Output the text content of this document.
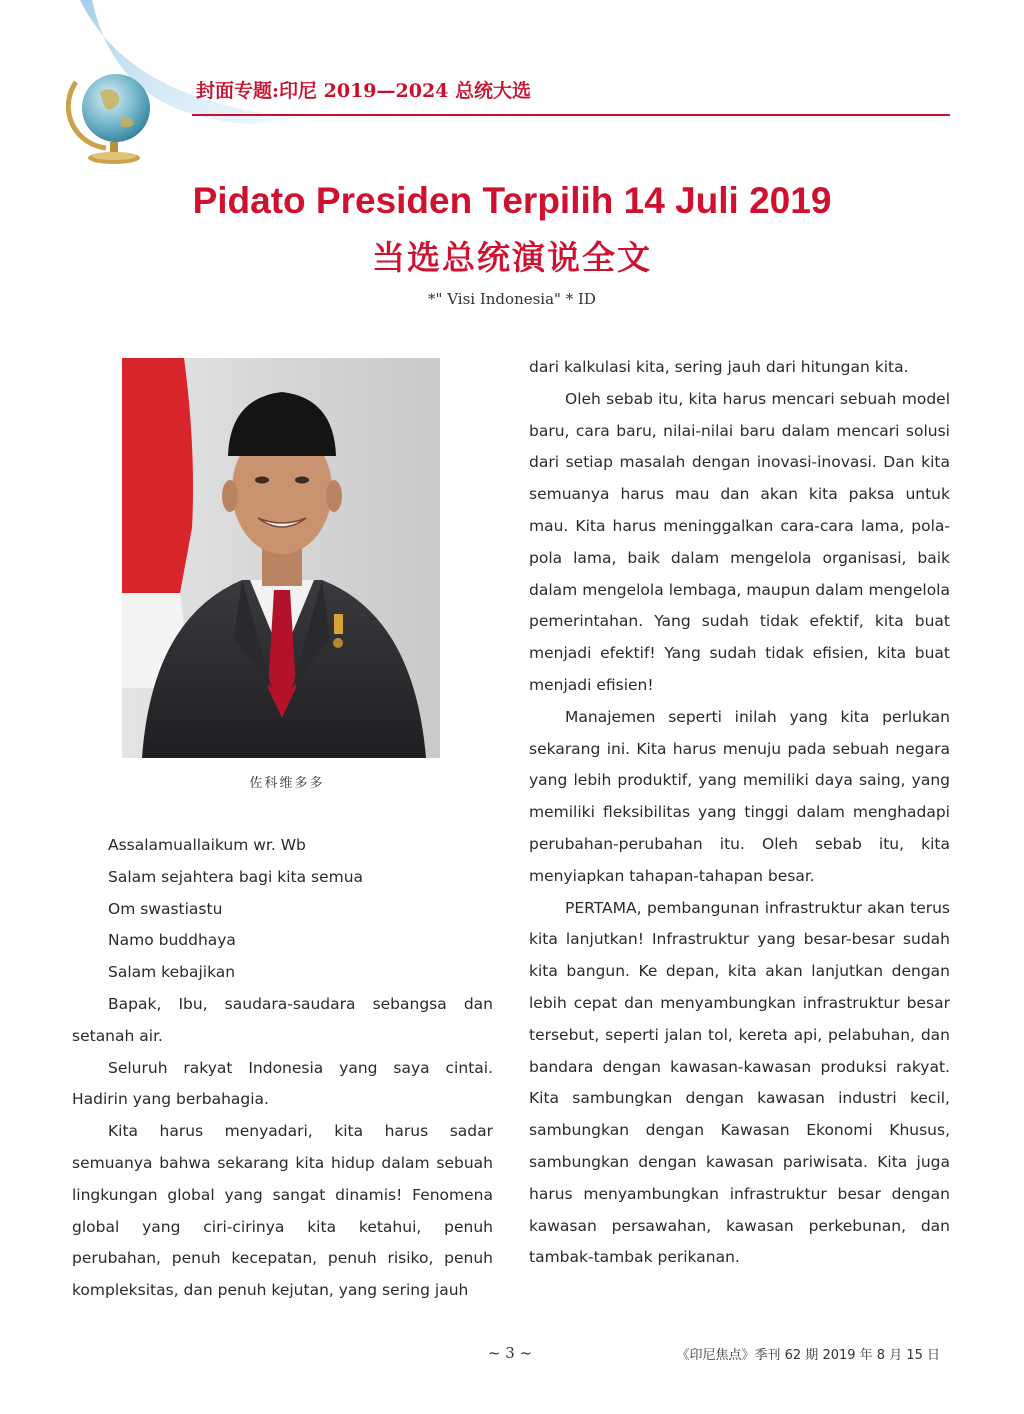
封面专题:印尼 2019—2024 总统大选
Pidato Presiden Terpilih 14 Juli 2019
当选总统演说全文
*" Visi Indonesia" * ID
佐科维多多

Assalamuallaikum wr. Wb

Salam sejahtera bagi kita semua

Om swastiastu

Namo buddhaya

Salam kebajikan

Bapak, Ibu, saudara-saudara sebangsa dan setanah air.

Seluruh rakyat Indonesia yang saya cintai. Hadirin yang berbahagia.

Kita harus menyadari, kita harus sadar semuanya bahwa sekarang kita hidup dalam sebuah lingkungan global yang sangat dinamis! Fenomena global yang ciri-cirinya kita ketahui, penuh perubahan, penuh kecepatan, penuh risiko, penuh kompleksitas, dan penuh kejutan, yang sering jauh

dari kalkulasi kita, sering jauh dari hitungan kita.

Oleh sebab itu, kita harus mencari sebuah model baru, cara baru, nilai-nilai baru dalam mencari solusi dari setiap masalah dengan inovasi-inovasi. Dan kita semuanya harus mau dan akan kita paksa untuk mau. Kita harus meninggalkan cara-cara lama, pola-pola lama, baik dalam mengelola organisasi, baik dalam mengelola lembaga, maupun dalam mengelola pemerintahan. Yang sudah tidak efektif, kita buat menjadi efektif! Yang sudah tidak efisien, kita buat menjadi efisien!

Manajemen seperti inilah yang kita perlukan sekarang ini. Kita harus menuju pada sebuah negara yang lebih produktif, yang memiliki daya saing, yang memiliki fleksibilitas yang tinggi dalam menghadapi perubahan-perubahan itu. Oleh sebab itu, kita menyiapkan tahapan-tahapan besar.

PERTAMA, pembangunan infrastruktur akan terus kita lanjutkan! Infrastruktur yang besar-besar sudah kita bangun. Ke depan, kita akan lanjutkan dengan lebih cepat dan menyambungkan infrastruktur besar tersebut, seperti jalan tol, kereta api, pelabuhan, dan bandara dengan kawasan-kawasan produksi rakyat. Kita sambungkan dengan kawasan industri kecil, sambungkan dengan Kawasan Ekonomi Khusus, sambungkan dengan kawasan pariwisata. Kita juga harus menyambungkan infrastruktur besar dengan kawasan persawahan, kawasan perkebunan, dan tambak-tambak perikanan.

~ 3 ~	《印尼焦点》季刊 62 期 2019 年 8 月 15 日
